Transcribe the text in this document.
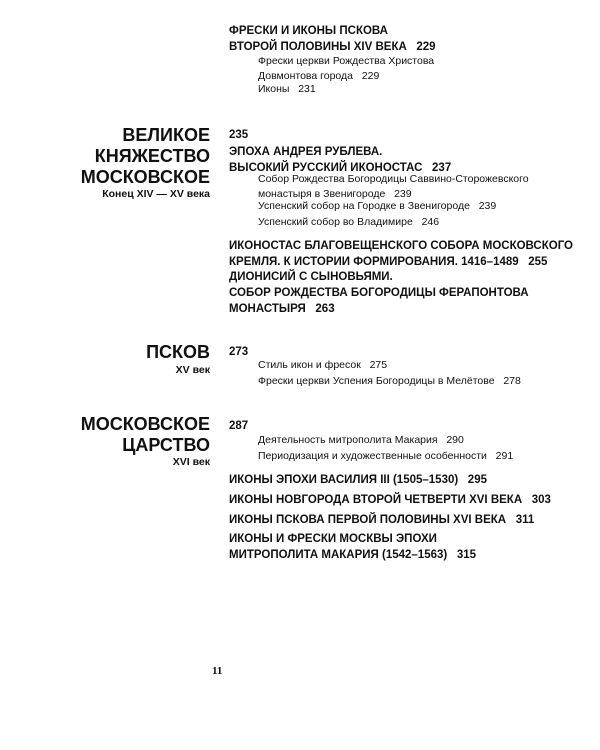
ФРЕСКИ И ИКОНЫ ПСКОВА
ВТОРОЙ ПОЛОВИНЫ XIV ВЕКА 229
Фрески церкви Рождества Христова
Довмонтова города 229
Иконы 231
ВЕЛИКОЕ
КНЯЖЕСТВО
МОСКОВСКОЕ
Конец XIV — XV века
235
ЭПОХА АНДРЕЯ РУБЛЕВА.
ВЫСОКИЙ РУССКИЙ ИКОНОСТАС 237
Собор Рождества Богородицы Саввино-Сторожевского
монастыря в Звенигороде 239
Успенский собор на Городке в Звенигороде 239
Успенский собор во Владимире 246
ИКОНОСТАС БЛАГОВЕЩЕНСКОГО СОБОРА МОСКОВСКОГО
КРЕМЛЯ. К ИСТОРИИ ФОРМИРОВАНИЯ. 1416–1489 255
ДИОНИСИЙ С СЫНОВЬЯМИ.
СОБОР РОЖДЕСТВА БОГОРОДИЦЫ ФЕРАПОНТОВА
МОНАСТЫРЯ 263
ПСКОВ
XV век
273
Стиль икон и фресок 275
Фрески церкви Успения Богородицы в Мелётове 278
МОСКОВСКОЕ
ЦАРСТВО
XVI век
287
Деятельность митрополита Макария 290
Периодизация и художественные особенности 291
ИКОНЫ ЭПОХИ ВАСИЛИЯ III (1505–1530) 295
ИКОНЫ НОВГОРОДА ВТОРОЙ ЧЕТВЕРТИ XVI ВЕКА 303
ИКОНЫ ПСКОВА ПЕРВОЙ ПОЛОВИНЫ XVI ВЕКА 311
ИКОНЫ И ФРЕСКИ МОСКВЫ ЭПОХИ
МИТРОПОЛИТА МАКАРИЯ (1542–1563) 315
11
